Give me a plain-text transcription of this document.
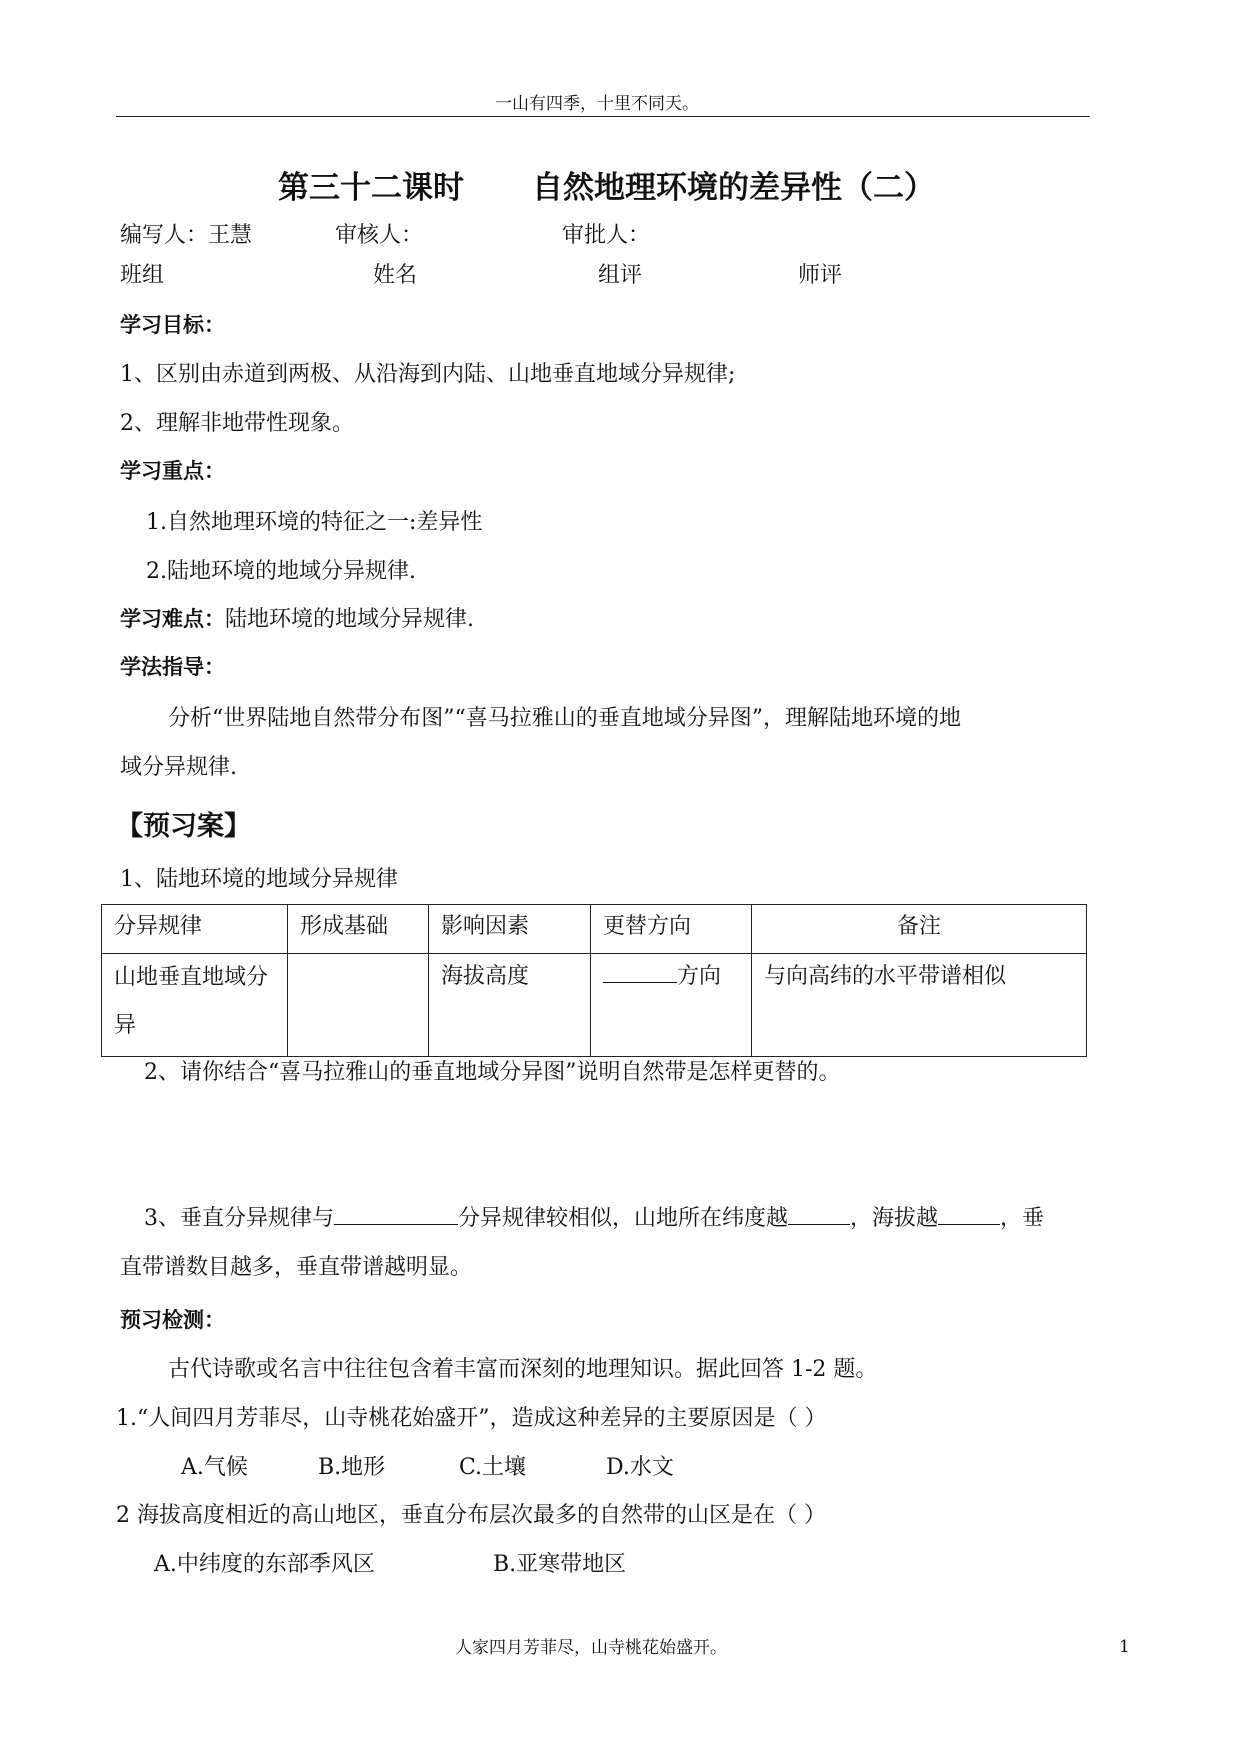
一山有四季，十里不同天。
第三十二课时 自然地理环境的差异性（二）
编写人：王慧	审核人：	审批人：
班组	姓名	组评	师评
学习目标：
1、区别由赤道到两极、从沿海到内陆、山地垂直地域分异规律;
2、理解非地带性现象。
学习重点：
1.自然地理环境的特征之一:差异性
2.陆地环境的地域分异规律.
学习难点：陆地环境的地域分异规律.
学法指导：
分析“世界陆地自然带分布图”“喜马拉雅山的垂直地域分异图”，理解陆地环境的地
域分异规律.
【预习案】
1、陆地环境的地域分异规律
分异规律	形成基础	影响因素	更替方向	备注
山地垂直地域分异		海拔高度	方向	与向高纬的水平带谱相似
2、请你结合“喜马拉雅山的垂直地域分异图”说明自然带是怎样更替的。
3、垂直分异规律与	分异规律较相似，山地所在纬度越	，海拔越	，垂
直带谱数目越多，垂直带谱越明显。
预习检测：
古代诗歌或名言中往往包含着丰富而深刻的地理知识。据此回答 1-2 题。
1.“人间四月芳菲尽，山寺桃花始盛开”，造成这种差异的主要原因是（ ）
A.气候	B.地形	C.土壤	D.水文
2 海拔高度相近的高山地区，垂直分布层次最多的自然带的山区是在（ ）
A.中纬度的东部季风区	B.亚寒带地区
人家四月芳菲尽，山寺桃花始盛开。	1
